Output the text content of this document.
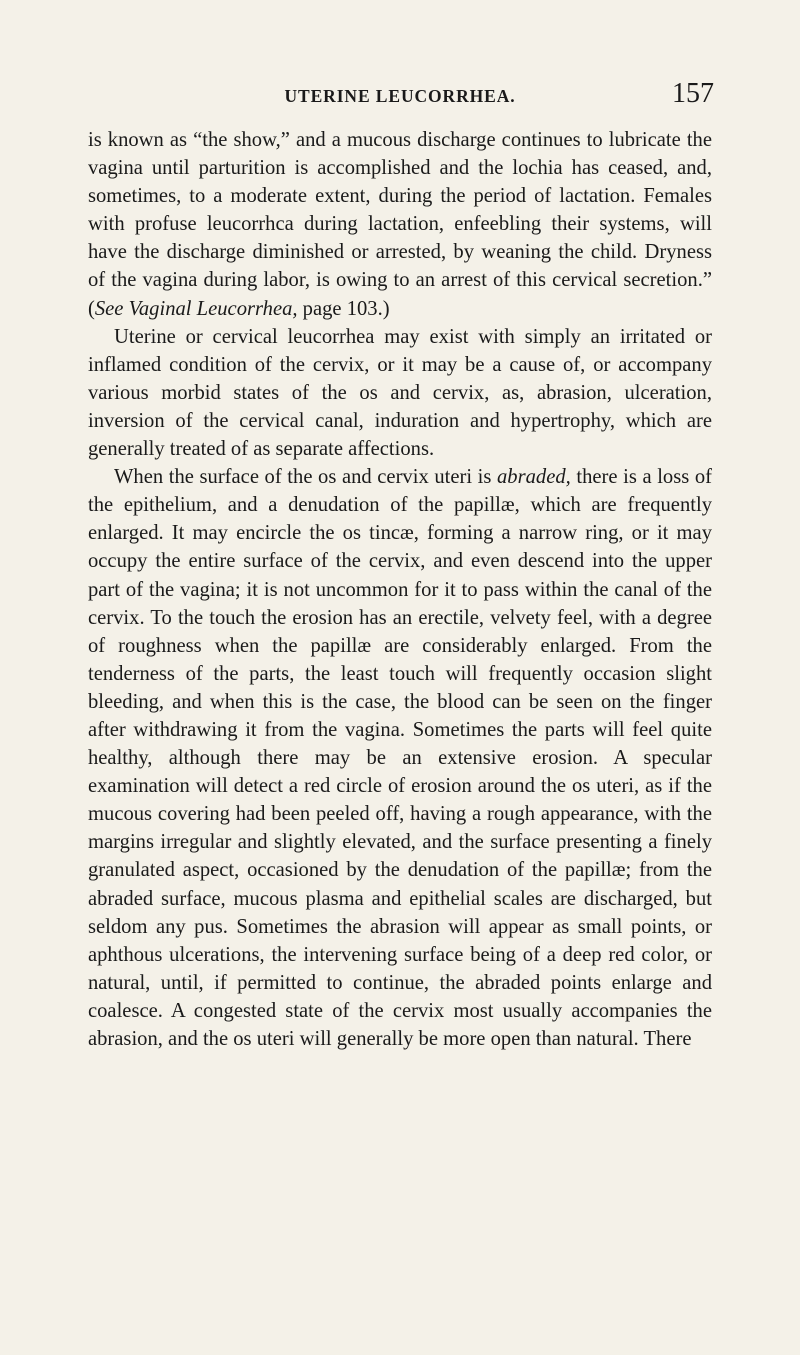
UTERINE LEUCORRHEA.	157

is known as “the show,” and a mucous discharge continues to lubricate the vagina until parturition is accomplished and the lochia has ceased, and, sometimes, to a moderate extent, during the period of lactation. Females with profuse leucorrhca during lactation, enfeebling their systems, will have the discharge diminished or arrested, by weaning the child. Dryness of the vagina during labor, is owing to an arrest of this cervical secretion.” (See Vaginal Leucorrhea, page 103.)

Uterine or cervical leucorrhea may exist with simply an irritated or inflamed condition of the cervix, or it may be a cause of, or accompany various morbid states of the os and cervix, as, abrasion, ulceration, inversion of the cervical canal, induration and hypertrophy, which are generally treated of as separate affections.

When the surface of the os and cervix uteri is abraded, there is a loss of the epithelium, and a denudation of the papillæ, which are frequently enlarged. It may encircle the os tincæ, forming a narrow ring, or it may occupy the entire surface of the cervix, and even descend into the upper part of the vagina; it is not uncommon for it to pass within the canal of the cervix. To the touch the erosion has an erectile, velvety feel, with a degree of roughness when the papillæ are considerably enlarged. From the tenderness of the parts, the least touch will frequently occasion slight bleeding, and when this is the case, the blood can be seen on the finger after withdrawing it from the vagina. Sometimes the parts will feel quite healthy, although there may be an extensive erosion. A specular examination will detect a red circle of erosion around the os uteri, as if the mucous covering had been peeled off, having a rough appearance, with the margins irregular and slightly elevated, and the surface presenting a finely granulated aspect, occasioned by the denudation of the papillæ; from the abraded surface, mucous plasma and epithelial scales are discharged, but seldom any pus. Sometimes the abrasion will appear as small points, or aphthous ulcerations, the intervening surface being of a deep red color, or natural, until, if permitted to continue, the abraded points enlarge and coalesce. A congested state of the cervix most usually accompanies the abrasion, and the os uteri will generally be more open than natural. There
